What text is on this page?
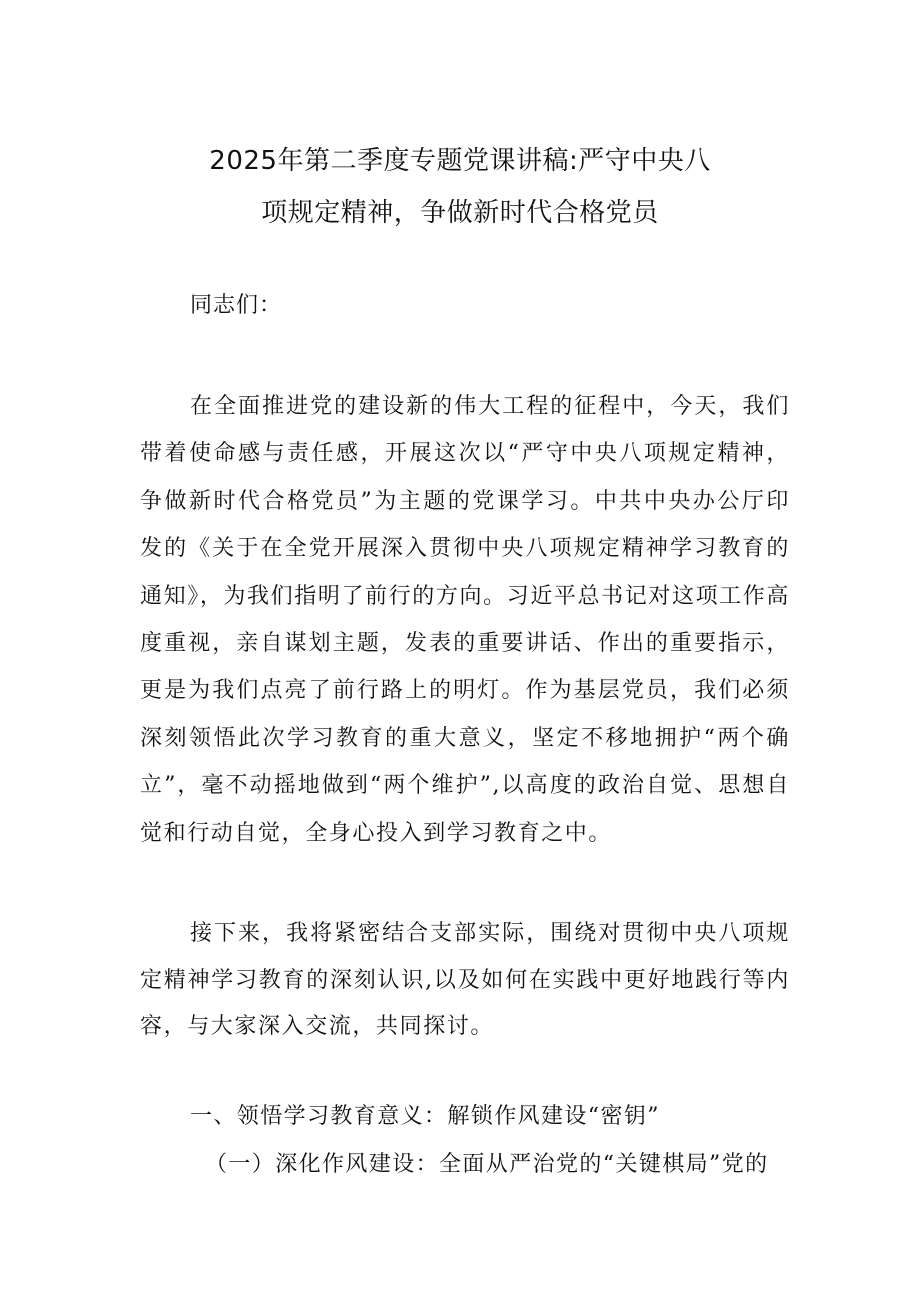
2025年第二季度专题党课讲稿:严守中央八
项规定精神，争做新时代合格党员

同志们：

在全面推进党的建设新的伟大工程的征程中，今天，我们带着使命感与责任感，开展这次以“严守中央八项规定精神，争做新时代合格党员”为主题的党课学习。中共中央办公厅印发的《关于在全党开展深入贯彻中央八项规定精神学习教育的通知》，为我们指明了前行的方向。习近平总书记对这项工作高度重视，亲自谋划主题，发表的重要讲话、作出的重要指示，更是为我们点亮了前行路上的明灯。作为基层党员，我们必须深刻领悟此次学习教育的重大意义，坚定不移地拥护“两个确立”，毫不动摇地做到“两个维护”,以高度的政治自觉、思想自觉和行动自觉，全身心投入到学习教育之中。

接下来，我将紧密结合支部实际，围绕对贯彻中央八项规定精神学习教育的深刻认识,以及如何在实践中更好地践行等内容，与大家深入交流，共同探讨。

一、领悟学习教育意义：解锁作风建设“密钥”

（一）深化作风建设：全面从严治党的“关键棋局”党的
